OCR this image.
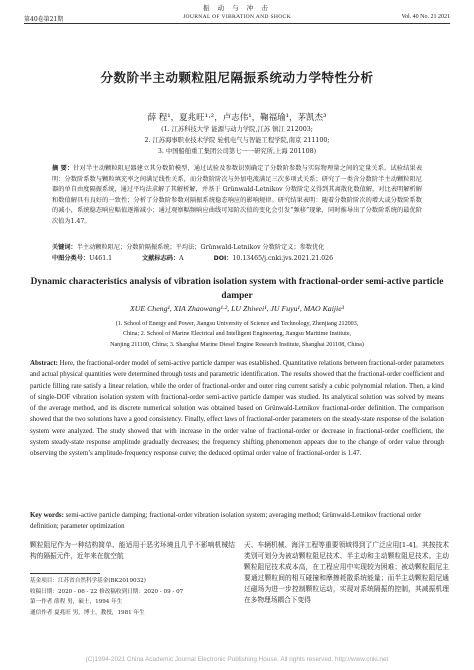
振 动 与 冲 击
第40卷第21期	JOURNAL OF VIBRATION AND SHOCK	Vol. 40 No. 21 2021
分数阶半主动颗粒阻尼隔振系统动力学特性分析
薛 程¹，夏兆旺¹·²，卢志伟¹，鞠福瑜¹，茅凯杰³
(1. 江苏科技大学 能源与动力学院,江苏 镇江 212003;
2. 江苏海事职业技术学院 轮机电气与智能工程学院,南京 211100;
3. 中国船舶重工集团公司第七一一研究所,上海 201108)
摘 要：针对半主动颗粒阻尼器建立其分数阶模型，通过试验及参数识别确定了分数阶参数与实际物理量之间的定量关系。试验结果表明：分数阶系数与颗粒填充率之间满足线性关系，而分数阶阶次与外加电流满足三次多项式关系；研究了一类含分数阶半主动颗粒阻尼器的单自由度隔振系统，通过平均法求解了其解析解，并基于 Grünwald-Letnikov 分数阶定义得到其离散化数值解，对比表明解析解和数值解具有良好的一致性；分析了分数阶参数对隔振系统稳态响应的影响规律。研究结果表明：随着分数阶阶次的增大或分数阶系数的减小，系统稳态响应幅值逐渐减小；通过观察幅频响应曲线可知阶次值的变化会引发“频移”现象，同时推导出了分数阶系统的最优阶次值为1.47。
关键词：半主动颗粒阻尼；分数阶隔振系统；平均法；Grünwald-Letnikov 分数阶定义；参数优化
中图分类号：U461.1	文献标志码：A	DOI：10.13465/j.cnki.jvs.2021.21.026
Dynamic characteristics analysis of vibration isolation system with fractional-order semi-active particle damper
XUE Cheng¹, XIA Zhaowang¹·², LU Zhiwei¹, JU Fuyu¹, MAO Kaijie³
(1. School of Energy and Power, Jiangsu University of Science and Technology, Zhenjiang 212003,
China; 2. School of Marine Electrical and Intelligent Engineering, Jiangsu Maritime Institute,
Nanjing 211100, China; 3. Shanghai Marine Diesel Engine Research Institute, Shanghai 201108, China)
Abstract: Here, the fractional-order model of semi-active particle damper was established. Quantitative relations between fractional-order parameters and actual physical quantities were determined through tests and parametric identification. The results showed that the fractional-order coefficient and particle filling rate satisfy a linear relation, while the order of fractional-order and outer ring current satisfy a cubic polynomial relation. Then, a kind of single-DOF vibration isolation system with fractional-order semi-active particle damper was studied. Its analytical solution was solved by means of the average method, and its discrete numerical solution was obtained based on Grünwald-Letnikov fractional-order definition. The comparison showed that the two solutions have a good consistency. Finally, effect laws of fractional-order parameters on the steady-state response of the isolation system were analyzed. The study showed that with increase in the order value of fractional-order or decrease in fractional-order coefficient, the system steady-state response amplitude gradually decreases; the frequency shifting phenomenon appears due to the change of order value through observing the system’s amplitude-frequency response curve; the deduced optimal order value of fractional-order is 1.47.
Key words: semi-active particle damping; fractional-order vibration isolation system; averaging method; Grünwald-Letnikov fractional order definition; parameter optimization
颗粒阻尼作为一种结构简单、能适用于恶劣环境且几乎不影响机械结构的隔振元件，近年来在航空航
天、车辆机械、海洋工程等重要领域得到了广泛应用[1-4]。其按技术类别可划分为被动颗粒阻尼技术、半主动和主动颗粒阻尼技术。主动颗粒阻尼技术成本高，在工程应用中实现较为困难；被动颗粒阻尼主要通过颗粒间的相互碰撞和摩擦耗散系统能量；而半主动颗粒阻尼通过磁场为进一步控制颗粒运动，实现对系统隔振的控制，其减振机理在多物理场耦合下变得
基金项目：江苏省自然科学基金(BK2019032)
收稿日期：2020 - 06 - 22 修改稿收到日期：2020 - 09 - 07
第一作者 薛程 男，硕士，1994 年生
通信作者 夏兆旺 男，博士，教授，1981 年生
(C)1994-2021 China Academic Journal Electronic Publishing House. All rights reserved. http://www.cnki.net
